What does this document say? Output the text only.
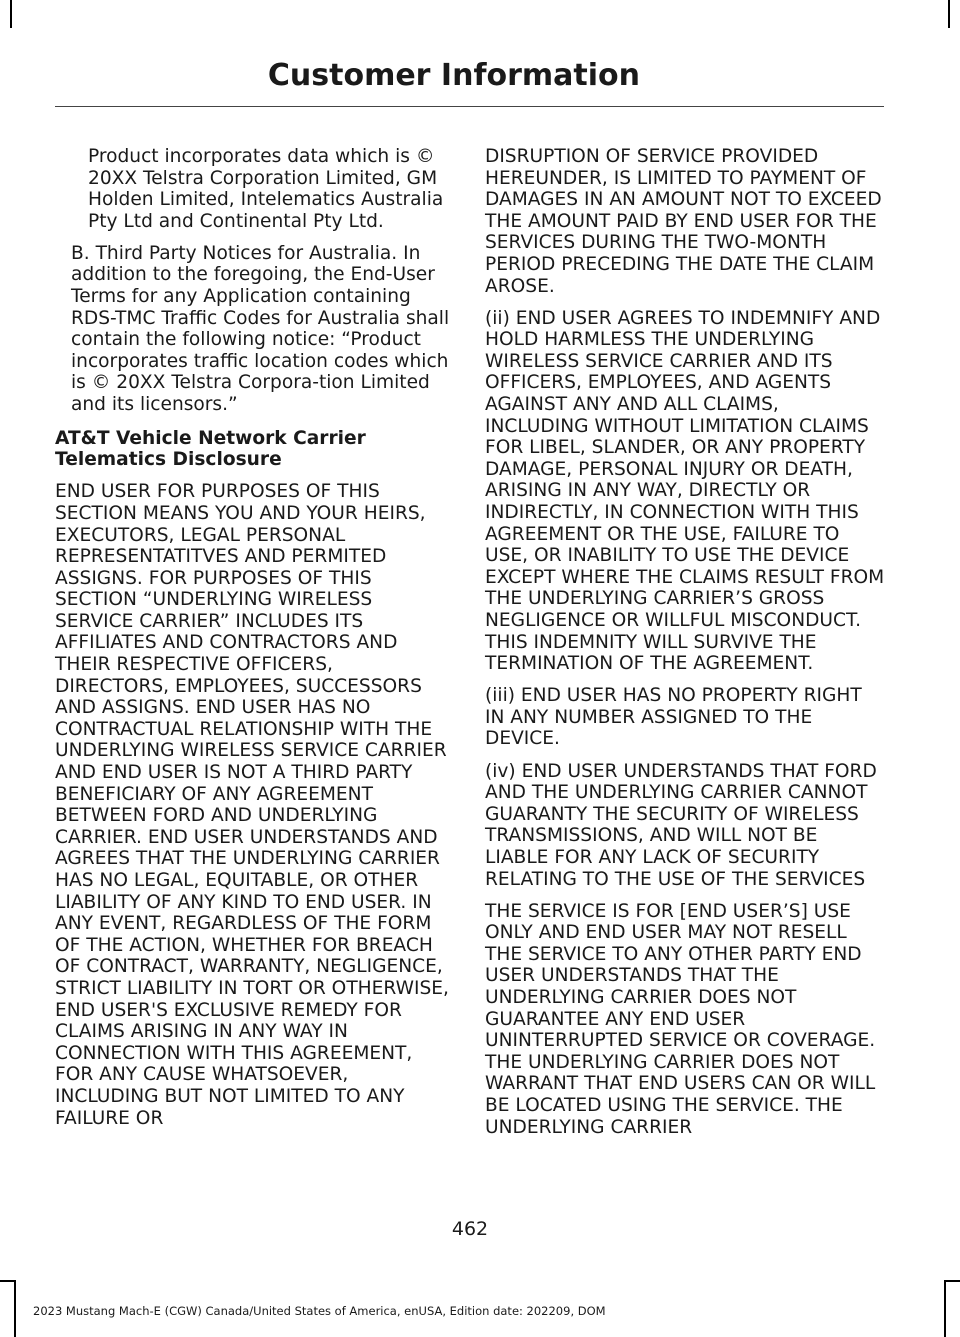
Customer Information

Product incorporates data which is © 20XX Telstra Corporation Limited, GM Holden Limited, Intelematics Australia Pty Ltd and Continental Pty Ltd.

B. Third Party Notices for Australia. In addition to the foregoing, the End-User Terms for any Application containing RDS-TMC Traffic Codes for Australia shall contain the following notice: “Product incorporates traffic location codes which is © 20XX Telstra Corpora-tion Limited and its licensors.”

AT&T Vehicle Network Carrier Telematics Disclosure

END USER FOR PURPOSES OF THIS SECTION MEANS YOU AND YOUR HEIRS, EXECUTORS, LEGAL PERSONAL REPRESENTATITVES AND PERMITED ASSIGNS. FOR PURPOSES OF THIS SECTION “UNDERLYING WIRELESS SERVICE CARRIER” INCLUDES ITS AFFILIATES AND CONTRACTORS AND THEIR RESPECTIVE OFFICERS, DIRECTORS, EMPLOYEES, SUCCESSORS AND ASSIGNS. END USER HAS NO CONTRACTUAL RELATIONSHIP WITH THE UNDERLYING WIRELESS SERVICE CARRIER AND END USER IS NOT A THIRD PARTY BENEFICIARY OF ANY AGREEMENT BETWEEN FORD AND UNDERLYING CARRIER. END USER UNDERSTANDS AND AGREES THAT THE UNDERLYING CARRIER HAS NO LEGAL, EQUITABLE, OR OTHER LIABILITY OF ANY KIND TO END USER. IN ANY EVENT, REGARDLESS OF THE FORM OF THE ACTION, WHETHER FOR BREACH OF CONTRACT, WARRANTY, NEGLIGENCE, STRICT LIABILITY IN TORT OR OTHERWISE, END USER'S EXCLUSIVE REMEDY FOR CLAIMS ARISING IN ANY WAY IN CONNECTION WITH THIS AGREEMENT, FOR ANY CAUSE WHATSOEVER, INCLUDING BUT NOT LIMITED TO ANY FAILURE OR

DISRUPTION OF SERVICE PROVIDED HEREUNDER, IS LIMITED TO PAYMENT OF DAMAGES IN AN AMOUNT NOT TO EXCEED THE AMOUNT PAID BY END USER FOR THE SERVICES DURING THE TWO-MONTH PERIOD PRECEDING THE DATE THE CLAIM AROSE.

(ii) END USER AGREES TO INDEMNIFY AND HOLD HARMLESS THE UNDERLYING WIRELESS SERVICE CARRIER AND ITS OFFICERS, EMPLOYEES, AND AGENTS AGAINST ANY AND ALL CLAIMS, INCLUDING WITHOUT LIMITATION CLAIMS FOR LIBEL, SLANDER, OR ANY PROPERTY DAMAGE, PERSONAL INJURY OR DEATH, ARISING IN ANY WAY, DIRECTLY OR INDIRECTLY, IN CONNECTION WITH THIS AGREEMENT OR THE USE, FAILURE TO USE, OR INABILITY TO USE THE DEVICE EXCEPT WHERE THE CLAIMS RESULT FROM THE UNDERLYING CARRIER’S GROSS NEGLIGENCE OR WILLFUL MISCONDUCT. THIS INDEMNITY WILL SURVIVE THE TERMINATION OF THE AGREEMENT.

(iii) END USER HAS NO PROPERTY RIGHT IN ANY NUMBER ASSIGNED TO THE DEVICE.

(iv) END USER UNDERSTANDS THAT FORD AND THE UNDERLYING CARRIER CANNOT GUARANTY THE SECURITY OF WIRELESS TRANSMISSIONS, AND WILL NOT BE LIABLE FOR ANY LACK OF SECURITY RELATING TO THE USE OF THE SERVICES

THE SERVICE IS FOR [END USER’S] USE ONLY AND END USER MAY NOT RESELL THE SERVICE TO ANY OTHER PARTY END USER UNDERSTANDS THAT THE UNDERLYING CARRIER DOES NOT GUARANTEE ANY END USER UNINTERRUPTED SERVICE OR COVERAGE. THE UNDERLYING CARRIER DOES NOT WARRANT THAT END USERS CAN OR WILL BE LOCATED USING THE SERVICE. THE UNDERLYING CARRIER

462
2023 Mustang Mach-E (CGW) Canada/United States of America, enUSA, Edition date: 202209, DOM
